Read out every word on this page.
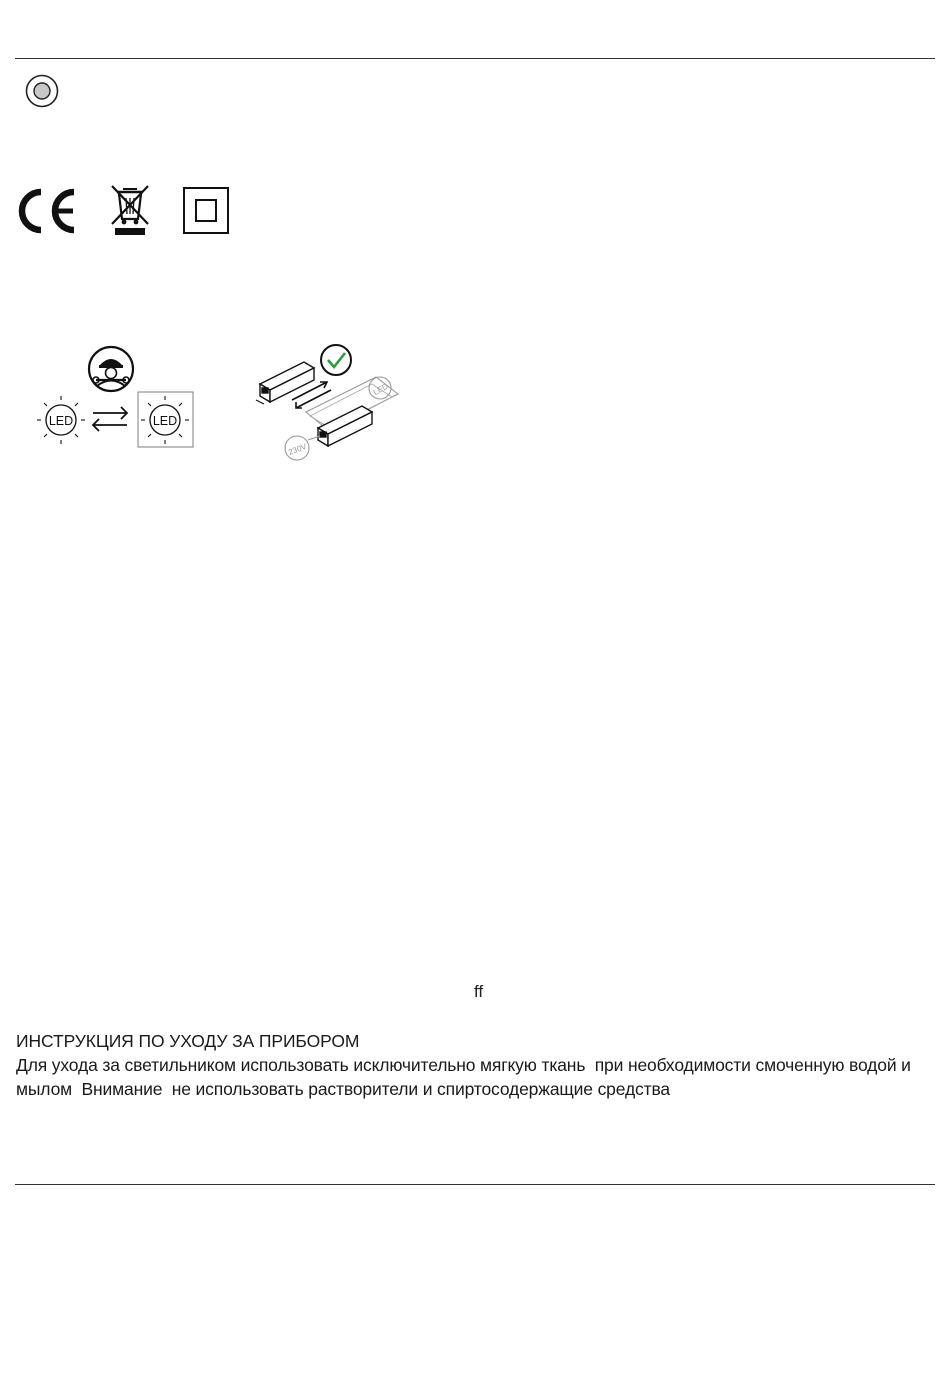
LED	LED
LED
230V
ff

ИНСТРУКЦИЯ ПО УХОДУ ЗА ПРИБОРОМ

Для ухода за светильником использовать исключительно мягкую ткань  при необходимости смоченную водой и мылом  Внимание  не использовать растворители и спиртосодержащие средства
